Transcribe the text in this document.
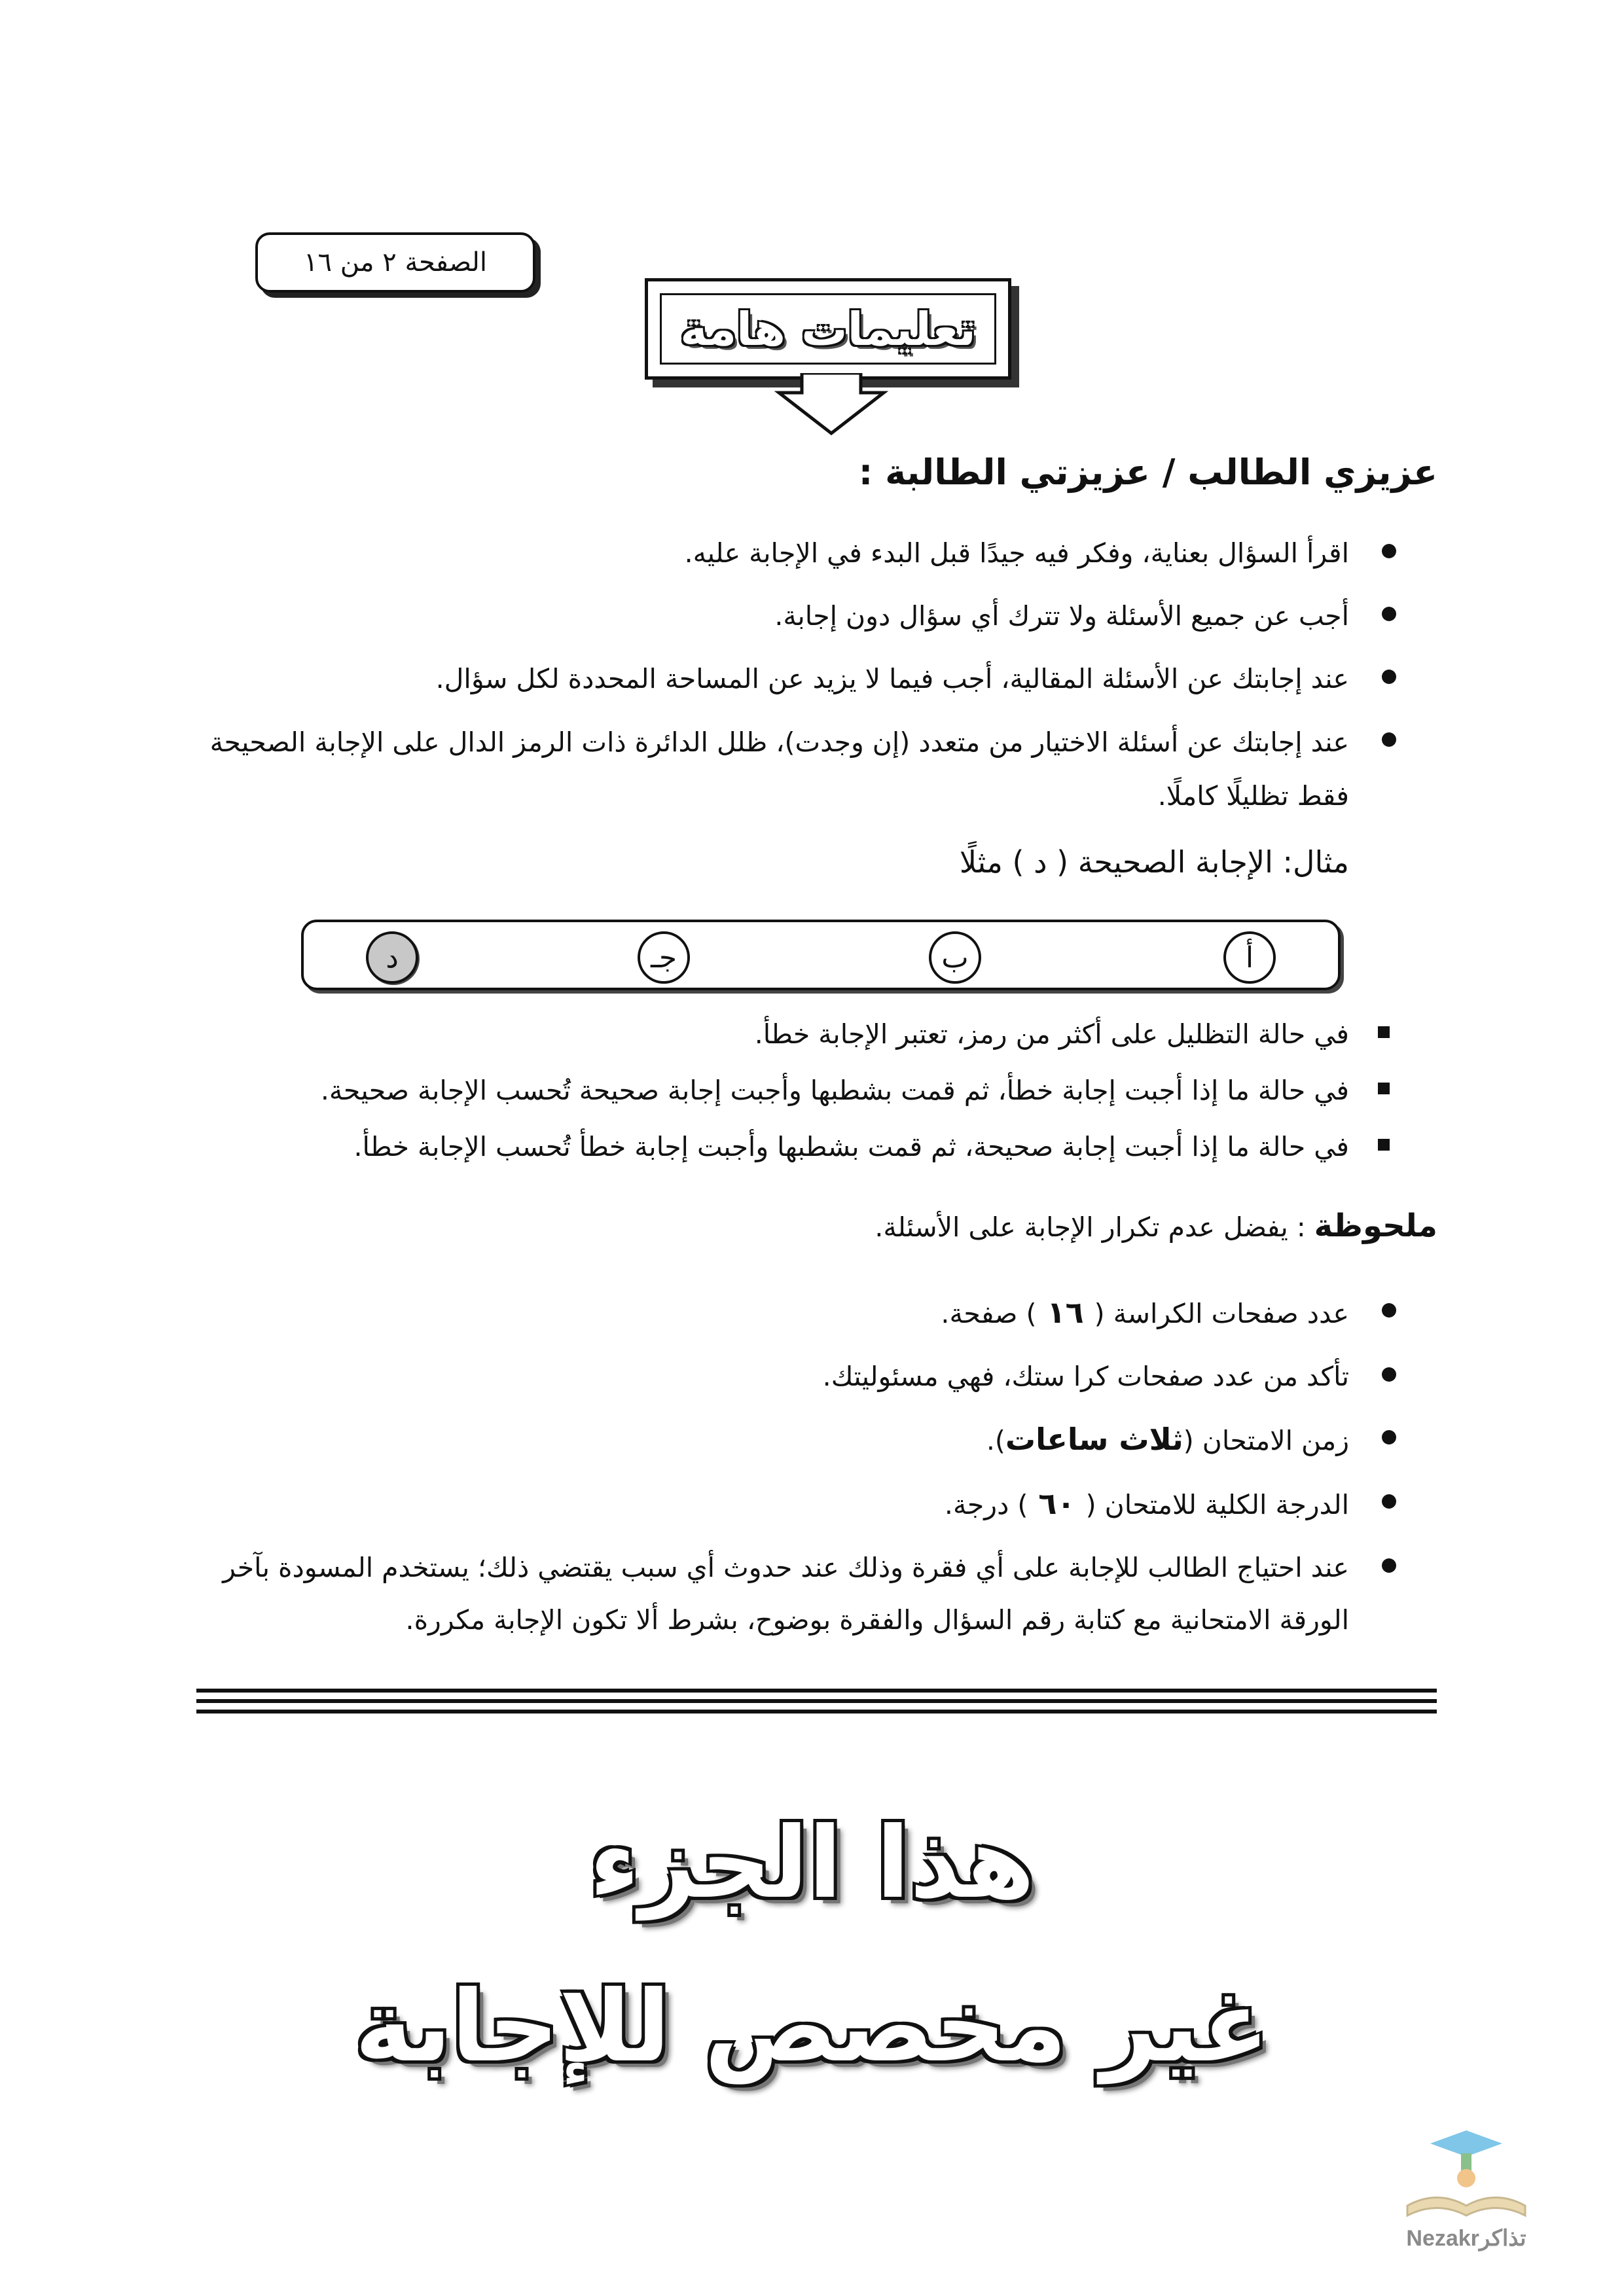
الصفحة ٢ من ١٦
تعليمات هامة
عزيزي الطالب / عزيزتي الطالبة :
اقرأ السؤال بعناية، وفكر فيه جيدًا قبل البدء في الإجابة عليه.
أجب عن جميع الأسئلة ولا تترك أي سؤال دون إجابة.
عند إجابتك عن الأسئلة المقالية، أجب فيما لا يزيد عن المساحة المحددة لكل سؤال.
عند إجابتك عن أسئلة الاختيار من متعدد (إن وجدت)، ظلل الدائرة ذات الرمز الدال على الإجابة الصحيحة فقط تظليلًا كاملًا.
مثال: الإجابة الصحيحة ( د ) مثلًا
أ
ب
جـ
د
في حالة التظليل على أكثر من رمز، تعتبر الإجابة خطأ.
في حالة ما إذا أجبت إجابة خطأ، ثم قمت بشطبها وأجبت إجابة صحيحة تُحسب الإجابة صحيحة.
في حالة ما إذا أجبت إجابة صحيحة، ثم قمت بشطبها وأجبت إجابة خطأ تُحسب الإجابة خطأ.
ملحوظة : يفضل عدم تكرار الإجابة على الأسئلة.
عدد صفحات الكراسة ( ١٦ ) صفحة.
تأكد من عدد صفحات كرا ستك، فهي مسئوليتك.
زمن الامتحان (ثلاث ساعات).
الدرجة الكلية للامتحان ( ٦٠ ) درجة.
عند احتياج الطالب للإجابة على أي فقرة وذلك عند حدوث أي سبب يقتضي ذلك؛ يستخدم المسودة بآخر الورقة الامتحانية مع كتابة رقم السؤال والفقرة بوضوح، بشرط ألا تكون الإجابة مكررة.
هذا الجزء
غير مخصص للإجابة
Nezakrتذاكر
